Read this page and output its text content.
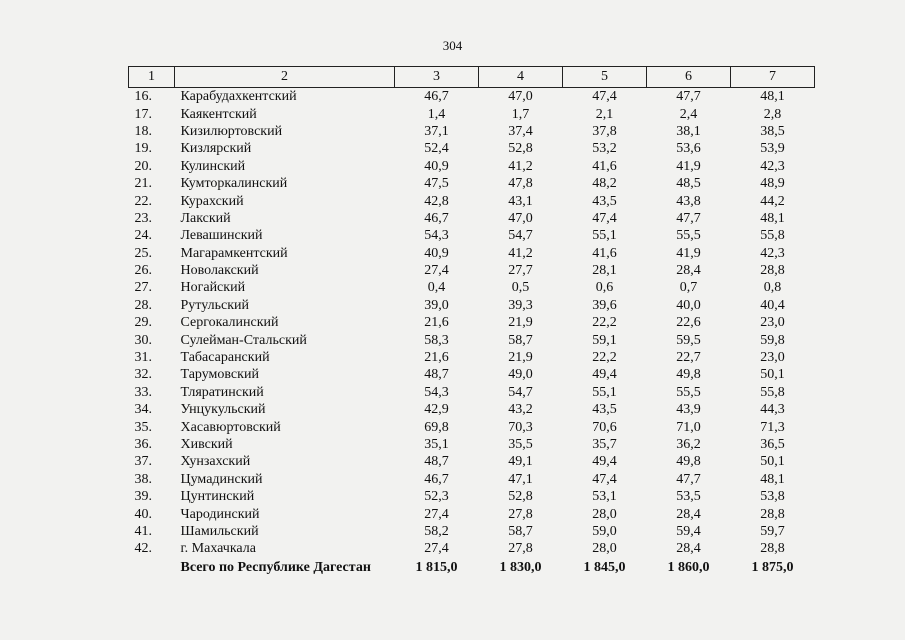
304
1	2	3	4	5	6	7
16.	Карабудахкентский	46,7	47,0	47,4	47,7	48,1
17.	Каякентский	1,4	1,7	2,1	2,4	2,8
18.	Кизилюртовский	37,1	37,4	37,8	38,1	38,5
19.	Кизлярский	52,4	52,8	53,2	53,6	53,9
20.	Кулинский	40,9	41,2	41,6	41,9	42,3
21.	Кумторкалинский	47,5	47,8	48,2	48,5	48,9
22.	Курахский	42,8	43,1	43,5	43,8	44,2
23.	Лакский	46,7	47,0	47,4	47,7	48,1
24.	Левашинский	54,3	54,7	55,1	55,5	55,8
25.	Магарамкентский	40,9	41,2	41,6	41,9	42,3
26.	Новолакский	27,4	27,7	28,1	28,4	28,8
27.	Ногайский	0,4	0,5	0,6	0,7	0,8
28.	Рутульский	39,0	39,3	39,6	40,0	40,4
29.	Сергокалинский	21,6	21,9	22,2	22,6	23,0
30.	Сулейман-Стальский	58,3	58,7	59,1	59,5	59,8
31.	Табасаранский	21,6	21,9	22,2	22,7	23,0
32.	Тарумовский	48,7	49,0	49,4	49,8	50,1
33.	Тляратинский	54,3	54,7	55,1	55,5	55,8
34.	Унцукульский	42,9	43,2	43,5	43,9	44,3
35.	Хасавюртовский	69,8	70,3	70,6	71,0	71,3
36.	Хивский	35,1	35,5	35,7	36,2	36,5
37.	Хунзахский	48,7	49,1	49,4	49,8	50,1
38.	Цумадинский	46,7	47,1	47,4	47,7	48,1
39.	Цунтинский	52,3	52,8	53,1	53,5	53,8
40.	Чародинский	27,4	27,8	28,0	28,4	28,8
41.	Шамильский	58,2	58,7	59,0	59,4	59,7
42.	г. Махачкала	27,4	27,8	28,0	28,4	28,8
	Всего по Республике Дагестан	1 815,0	1 830,0	1 845,0	1 860,0	1 875,0
